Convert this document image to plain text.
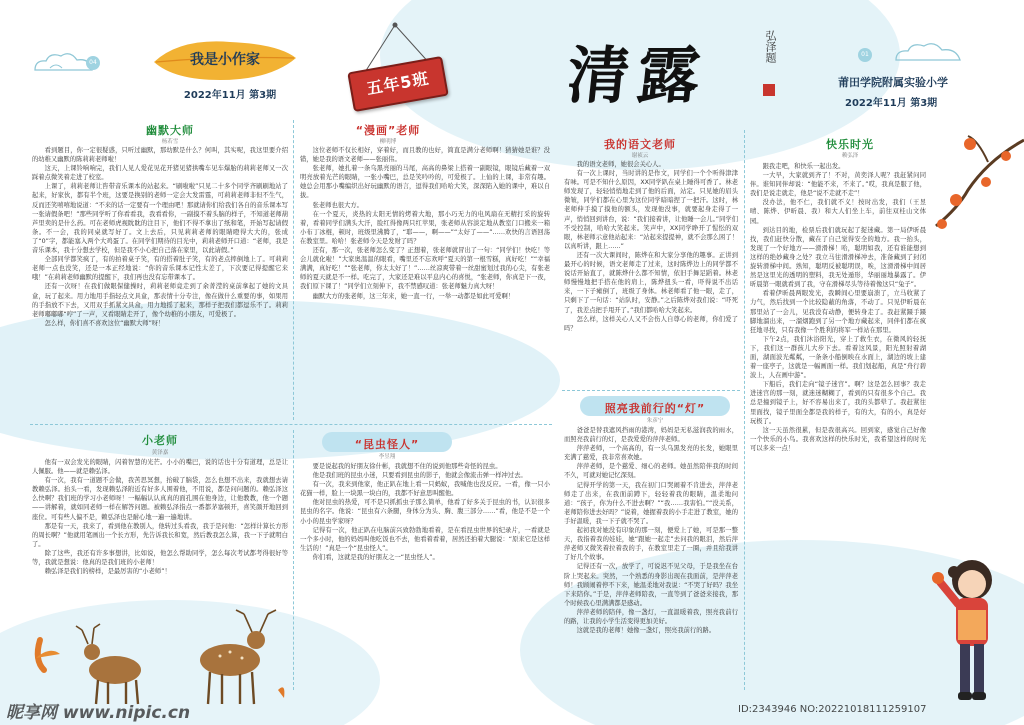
04	我是小作家
2022年11月 第3期	五年5班 清露	弘泽题	01
莆田学院附属实验小学
2022年11月 第3期
幽默大师
杨若雪

看到题目，你一定很疑惑，只听过幽默，那幼默是什么？何叫，其实呢，我这里要介绍的幼稚又幽默的陈莉莉老师啦！

这天，上课铃响响完，我们人见人爱花见花开猪见猪拱嘴车见车爆胎的莉莉老师又一次踩着点微笑着走进了校室。

上课了，莉莉老师让咨带音乐课本的站起来。“刷啦啦”只见二十多个同学齐刷刷地站了起来，好家伙，都有半个班，这要是换别的老师一定会大发雷霆，可莉莉老师非但不生气，反而还笑嘻嘻地说道：“不来的话一定要有一个理由吧！那就请你们给我们各自的音乐课本写一张请假条吧！”那些同学听了你看看我，我看看你，一副摸不着头脑的样子，不知道老师葫芦里卖的是什么药。可在老师虎视眈眈的注目下，他们不得不拿出了纸和笔，开始写起请假条。不一会，我的同桌就写好了。文上去后，只见莉莉老师的眼睛瞪得大大的，张成了“0”字，都能塞入两个大鸡蛋了。在同学们期待的目光中，莉莉老师开口道：“老师，我是音乐课本，我十分想去学校，但是我不小心把自己落在家里，以此请假。”

全部同学都笑疯了，有的拍着桌子笑，有的搭着肚子笑，有的老点摔倒地上了。可莉莉老师一点也没笑，还是一本正经地说：“你的音乐课本记性太差了，下次要记得提醒它来哦！”在莉莉老师幽默的提醒下，我们再也没有忘带课本了。

还有一次呀！在我们做眼保健操时，莉莉老师竟走到了余菁滢的桌前拿起了她的文具盒，玩了起来。用力地用手指轻点文具盒，那表情十分专注，像在做什么重要的事，如果用的手指放不下去，又用双手抓紧文具盒，用力地摇了起来，那样子把我们都逗乐不了。莉莉老师嘟嘟嘟“哼”了一声，又看眼睛走开了，像个幼稚的小朋友，可爱极了。

怎么样，你们喜不喜欢这位“幽默大师”呀！

“漫画”老师
柳明博

这位老师不仅长相好，穿着好，而且教的也好，简直是满分老师啊！猜猜她是谁？没错，她是我的语文老师——张丽伟。

张老师，她扎着一条乌黑亮丽的马尾，高高的鼻梁上搭着一副眼镜，眼镜后藏着一双明亮放着光芒的眼睛，一张小嘴巴，总是笑吟吟的，可爱极了。上仙的上课，非常有趣。她总会用那小嘴编织出好玩幽默的语言，逗得我们哈哈大笑，深深陷入她的课中，难以自拔。

张老师也很大方。

在一个夏天，炎热的太阳无情的烤着大地，那小巧无力的电风扇在无精打采的旋转着，看着同学们满头大汗，脸红得像两只红苹果，张老师从容淡定地从教室门口搬来一箱小布丁冰棍，顿时，班级里沸腾了，“耶——，啊——”“太好了——”……欢快的言语回荡在教室里。哈哈！张老师今天是发财了吗？

还有，那一次，张老师怎么变了？正想着，张老师就冒出了一句：“同学们！快吃！等会儿就化啦！”大家奥温温的眼看，嘴里还不忘欢呼“夏天的第一根雪糕，真好吃！”“幸福满满，真好吃！”“张老师，你太太好了！”……丝凉爽带着一丝甜蜜划过我的心尖，有张老师的夏天就是不一样。吃完了，大家还是难以平息内心的喜悦，“张老师，你真是下一夜，我们原下课了！”同学们立刻伸下，我不禁感叹道：张老师魅力真大呀！

幽默大方的张老师，这三年来，她一直一行，一举一动都是如此可爱啊！

小老师
黄泽嘉

他有一双会发光的眼睛，闪着智慧的光芒。小小的嘴巴，说的话也十分有道理，总是让人佩服。他——就是赖弘泽。

有一次，我有一道题不会做，我苦思冥想，抬破了脑袋，怎么也想不出来，我就想去请教赖弘泽。抬头一看，发现赖弘泽附近有好多人围着他，不用说，都是问问题的。赖弘泽这么快啊？我们班的学习小老师呀！一幅幅认认真真的面孔围在他身边，让他教教，他一个题——讲解着，就如同老师一样在解答问题。被赖弘泽指点一番都茅塞顿开，喜笑颜开地回到座位。可有些人偏不是，赖弘泽也是耐心地一遍一遍地讲。

那是有一天，我来了，看到他在教别人，他转过头看我，我于是问他：“怎样计算长方形的周长啊？”他就用笔画出一个长方形，先告诉我长和宽，然后教我怎么算，我一下子就明白了。

除了这些，我还有许多事想讲，比如说，他怎么帮助同学，怎么每次考试都考得很好等等，我就是想说：他真的是我们班的小老师！

赖弘泽是我们的榜样，是最厉害的“小老师”！

“昆虫怪人”
李昱翔

要是说起我的好朋友徐什彬，我就想不住的说到他那些奇怪的昆虫。

他是我们班的昆虫小迷，只要看到昆虫的影子，他就会像流击弹一样冲过去。

有一次，我来到他家，他正趴在地上看一只蚂蚁，我喊他也没反应。一看，像一只小花猫一样，脸上一块黑一块白的，我都不好意思叫醒他。

他对昆虫的热爱，可不是只抓抓虫子那么简单，他看了好多关于昆虫的书，认识很多昆虫的名字。他说：“昆虫有六条腿，身体分为头、胸、腹三部分……”看，他是不是一个小小的昆虫学家呀？

记得有一次，他正趴在电脑前兴致勃勃地看着，是在看昆虫世界的纪录片，一看就是一个多小时，他的妈妈叫他吃饭也不去，他看着看着，居然还拍着大腿说：“原来它是这样生活的！”真是一个“昆虫怪人”。

你们看，这就是我的好朋友之一“昆虫怪人”。

我的语文老师
谢祯云

我的语文老师，她很会关心人。

有一次上课时，当时讲的是作文，同学们一个个听得津津有味。可是不知什么原因，XX同学趴在桌上睡得可香了。林老师发现了，轻轻悄悄地走到了他的后面，站定。只见她的眉头微皱，同学们都在心里为这位同学暗暗捏了一把汗。这时，林老师伸手摸了摸他的额头，发现他没事，就要起身走得了一声，悄悄回到讲台，说：“我们接着讲，让他睡一会儿。”同学们不受控制，哈哈大笑起来。笑声中，XX同学睁开了惺忪的双眼，林老师示意他站起来：“站起来提提神，就不会那么困了！以真听讲，跟上……”

还有一次大课间时，陈烨在和大家分享他的趣事。正讲到最开心的时候，语文老师走了过来，这时陈烨边上的同学都不说话开始直了，就陈烨什么都不知情，依旧手舞足蹈着。林老师慢慢地把手搭在他的肩上，陈烨扭头一看，吓得说不出话来，一下子瘫倒了，班级了身体。林老师看了他一眼，走了，只剩下了一句话：“站队时，安静。”之后陈烨对我们说：“吓死了，我差点把手甩开了。”我们都哈哈大笑起来。

怎么样，这样关心人又不会伤人自尊心的老师，你们爱了吗？

照亮我前行的“灯”
朱彦宁

爸爸是替我遮风挡雨的港湾，妈妈是无私滋润我的雨水，而照亮我前行的灯，是我爱爱的萍萍老师。

萍萍老师，一个高高的，有一头乌黑发亮的长发，她眼里充满了慈爱，我非常喜欢她。

萍萍老师，是个慈爱、细心的老师。她虽然陪伴我的时间不久，可就对她记忆深刻。

记得开学的第一天，我在初门口哭闹着不肯进去，萍萍老师走了出来，在我面前蹲下，轻轻着我的眼睛，温柔地问道：“孩子，你为什么不进去啊？”“我……我害怕。”“没关系，老师陪你进去好吗？”说着，她握着我的小手走进了教室，她的手好温暖，我一下子就不哭了。

起初我对她没有印象的那一刻，便爱上了她，可是那一整天，我指着我的娃娃，她“跟她一起走”去问我的眼泪，然后萍萍老师又微笑着拉着我的手，在教室里走了一圈，并且给我讲了好几个故事。

记得还有一次，放学了，可说迟不见父母，于是我坐在台阶上哭起来。突然，一个熟悉的身影出现在我面前，是萍萍老师！我顾闹着停不下来，她温柔地对我说：“不哭了好吗？我坐下来陪你。”于是，萍萍老师陪我，一直等到了爸爸来接我，那个时候我心里满满都是感动。

萍萍老师的陪伴，像一盏灯，一直温暖着我，照亮我前行的路，让我的小学生活变得更加美好。

这就是我的老师！她像一盏灯，照亮我前行的路。

快乐时光
赖弘泽

跟我走吧，和快乐一起出发。

一大早，大家就到齐了！不对，黄奕泽人呢？我赶紧问同伴。谁知同伴却说：“他能不来，不来了。”哎，我真是服了他，我们是说走就走，他是“说不走就不走”！

没办法，他不仁，我们就不义！按时出发，我们（王昱晴、陈烨、伊昕晨、我）和大人们坐上车，前往双桂山文体园。

到达目的地，检票后我们就玩起了捉迷藏。第一局伊昕晨找，我们赶快分散，藏在了自己觉得安全的地方。我一抬头，发现了一个好地方——滑滑梯！哈，聪明如我，还有谁能想到这样的绝妙藏身之处？我立马往滑滑梯冲去，准备藏到了封闭旋转滑梯中间。熟知，聪明反被聪明误，唉，这滑滑梯中间居然是这里光的透明的塑料，我无处遁形，华丽丽地暴露了。伊昕晨第一眼就看到了我，守在滑梯尽头等待着像这只“兔子”。

看着伊昕晨两眼发光，我瞬间心里要崩溃了，立马收紧了力气，然后找到一个比较隐蔽的角落，不动了。只见伊昕晨在那里站了一会儿，见我没有动静，便转身走了。我赶紧蹑手蹑脚地溜出来，一溜烟跑到了另一个地方藏起来，同伴们都在疯狂地寻找，只有我像一个胜利的将军一样站在那里。

下午2点，我们沐浴阳光，穿上了救生衣，在微风的轻抚下，我们这一群孩儿大步下去。看着这风景，阳光照射着湖面，湖面波光粼粼，一条条小船倒映在水面上，湖边的坡上建着一座亭子，这就是一幅画面一样。我们划起船，真是“舟行碧波上，人在画中游”。

下船后，我们走向“镜子迷宫”。啊？这是怎么回事？我走进迷宫的那一刻，就迷迷糊糊了，看到的只有很多个自己。我总是撞到镜子上，好不容易出来了，我的头都晕了。我赶紧往里面找，镜子里面全都是我的样子，有的大，有的小，真是好玩极了。

这一天虽然很累，但是我很高兴。回到家，感觉自己好像一个快乐的小鸟。我喜欢这样的快乐时光，我希望这样的时光可以多来一点！

昵享网 www.nipic.cn	ID:2343946 NO:20221018111259107
